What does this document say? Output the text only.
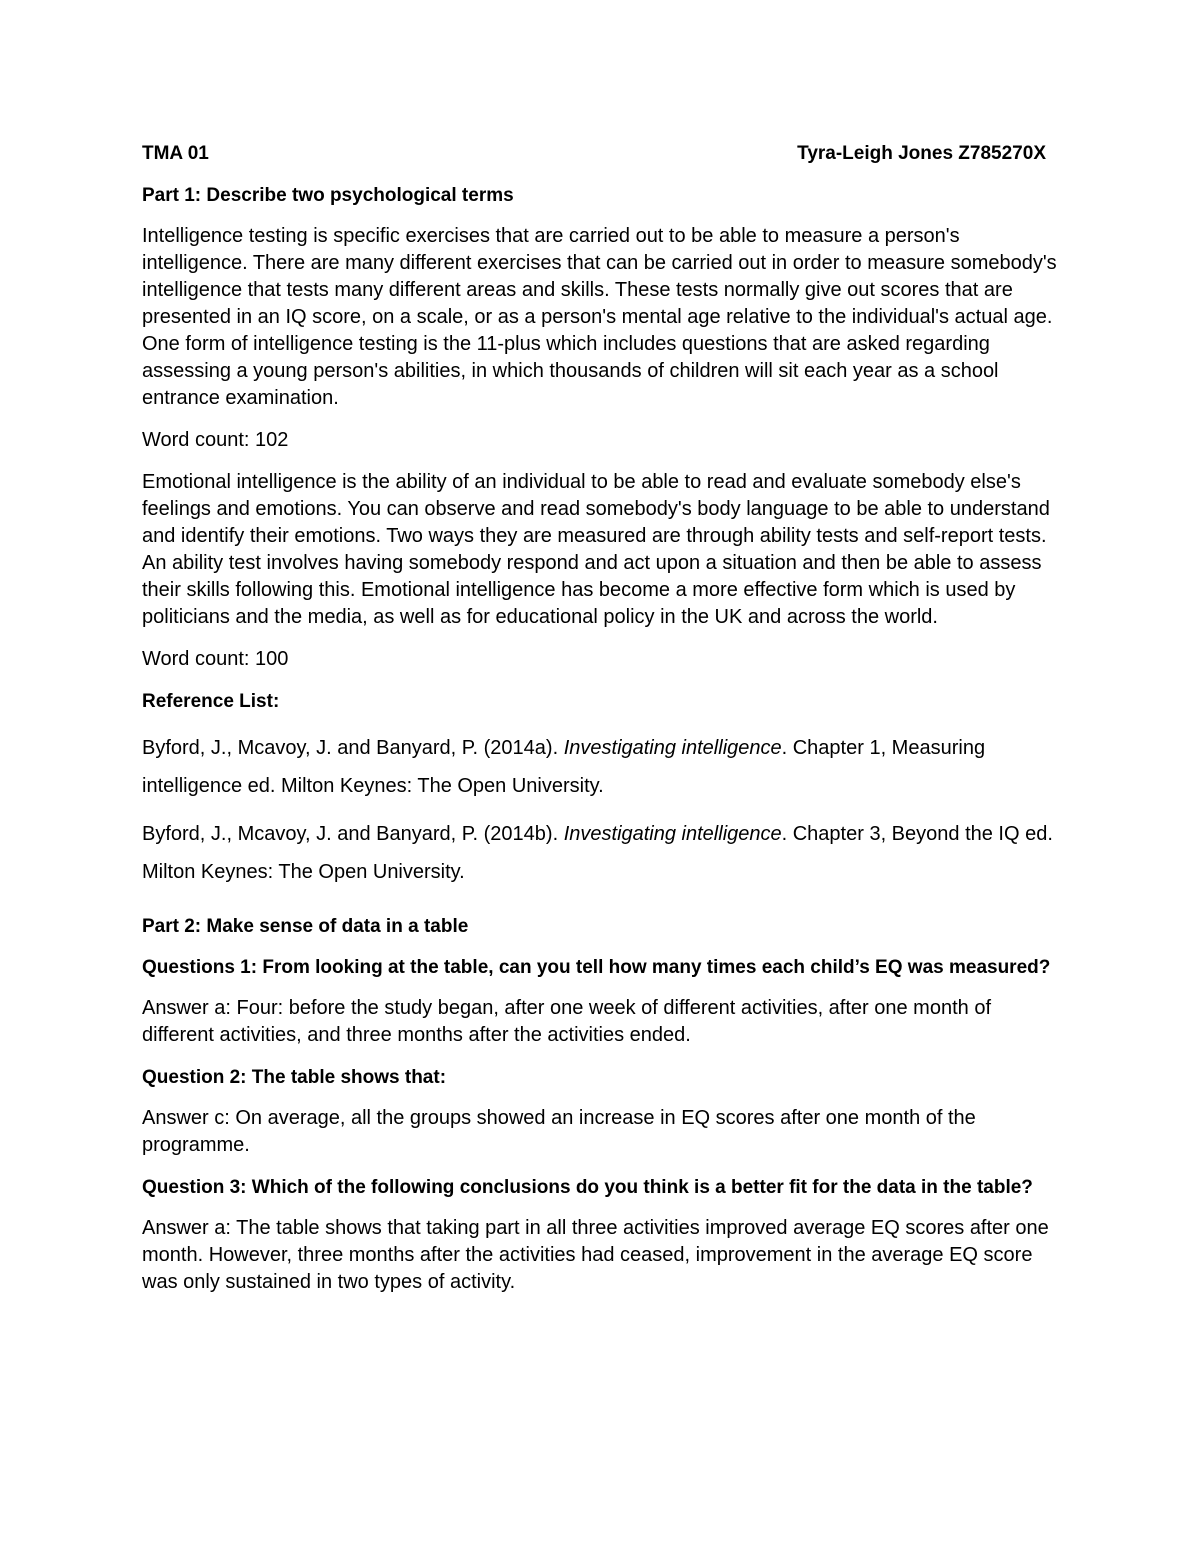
TMA 01	Tyra-Leigh Jones Z785270X
Part 1: Describe two psychological terms

Intelligence testing is specific exercises that are carried out to be able to measure a person's intelligence. There are many different exercises that can be carried out in order to measure somebody's intelligence that tests many different areas and skills. These tests normally give out scores that are presented in an IQ score, on a scale, or as a person's mental age relative to the individual's actual age. One form of intelligence testing is the 11-plus which includes questions that are asked regarding assessing a young person's abilities, in which thousands of children will sit each year as a school entrance examination.

Word count: 102

Emotional intelligence is the ability of an individual to be able to read and evaluate somebody else's feelings and emotions. You can observe and read somebody's body language to be able to understand and identify their emotions. Two ways they are measured are through ability tests and self-report tests. An ability test involves having somebody respond and act upon a situation and then be able to assess their skills following this. Emotional intelligence has become a more effective form which is used by politicians and the media, as well as for educational policy in the UK and across the world.

Word count: 100

Reference List:

Byford, J., Mcavoy, J. and Banyard, P. (2014a). Investigating intelligence. Chapter 1, Measuring intelligence ed. Milton Keynes: The Open University.

Byford, J., Mcavoy, J. and Banyard, P. (2014b). Investigating intelligence. Chapter 3, Beyond the IQ ed. Milton Keynes: The Open University.

Part 2: Make sense of data in a table
Questions 1: From looking at the table, can you tell how many times each child’s EQ was measured?

Answer a: Four: before the study began, after one week of different activities, after one month of different activities, and three months after the activities ended.

Question 2: The table shows that:

Answer c: On average, all the groups showed an increase in EQ scores after one month of the programme.

Question 3: Which of the following conclusions do you think is a better fit for the data in the table?

Answer a: The table shows that taking part in all three activities improved average EQ scores after one month. However, three months after the activities had ceased, improvement in the average EQ score was only sustained in two types of activity.
